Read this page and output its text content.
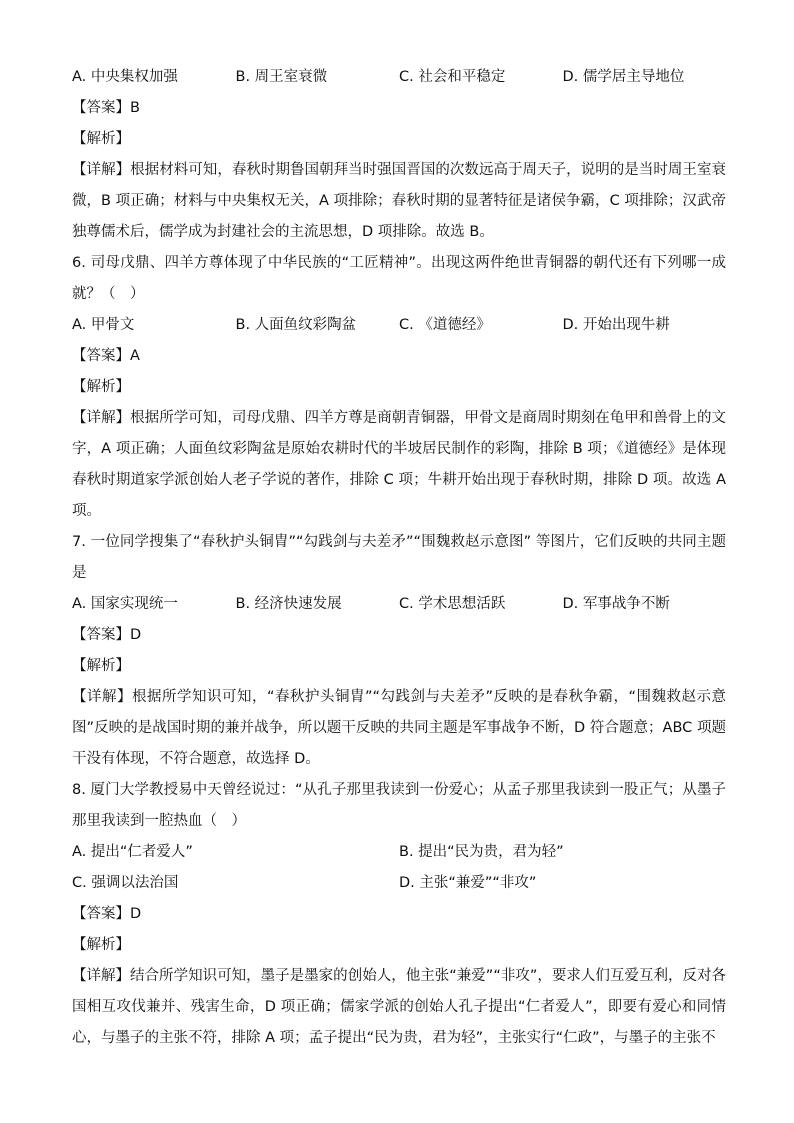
A. 中央集权加强	B. 周王室衰微	C. 社会和平稳定	D. 儒学居主导地位
【答案】B
【解析】
【详解】根据材料可知，春秋时期鲁国朝拜当时强国晋国的次数远高于周天子，说明的是当时周王室衰微，B 项正确；材料与中央集权无关，A 项排除；春秋时期的显著特征是诸侯争霸，C 项排除；汉武帝独尊儒术后，儒学成为封建社会的主流思想，D 项排除。故选 B。
6. 司母戊鼎、四羊方尊体现了中华民族的“工匠精神”。出现这两件绝世青铜器的朝代还有下列哪一成就？（　）
A. 甲骨文	B. 人面鱼纹彩陶盆	C. 《道德经》	D. 开始出现牛耕
【答案】A
【解析】
【详解】根据所学可知，司母戊鼎、四羊方尊是商朝青铜器，甲骨文是商周时期刻在龟甲和兽骨上的文字，A 项正确；人面鱼纹彩陶盆是原始农耕时代的半坡居民制作的彩陶，排除 B 项；《道德经》是体现春秋时期道家学派创始人老子学说的著作，排除 C 项；牛耕开始出现于春秋时期，排除 D 项。故选 A 项。
7. 一位同学搜集了“春秋护头铜胄”“勾践剑与夫差矛”“围魏救赵示意图” 等图片，它们反映的共同主题是
A. 国家实现统一	B. 经济快速发展	C. 学术思想活跃	D. 军事战争不断
【答案】D
【解析】
【详解】根据所学知识可知，“春秋护头铜胄”“勾践剑与夫差矛”反映的是春秋争霸，“围魏救赵示意图”反映的是战国时期的兼并战争，所以题干反映的共同主题是军事战争不断，D 符合题意；ABC 项题干没有体现，不符合题意，故选择 D。
8. 厦门大学教授易中天曾经说过：“从孔子那里我读到一份爱心；从孟子那里我读到一股正气；从墨子那里我读到一腔热血（　）
A. 提出“仁者爱人”	B. 提出“民为贵，君为轻”
C. 强调以法治国	D. 主张“兼爱”“非攻”
【答案】D
【解析】
【详解】结合所学知识可知，墨子是墨家的创始人，他主张“兼爱”“非攻”，要求人们互爱互利，反对各国相互攻伐兼并、残害生命，D 项正确；儒家学派的创始人孔子提出“仁者爱人”，即要有爱心和同情心，与墨子的主张不符，排除 A 项；孟子提出“民为贵，君为轻”，主张实行“仁政”，与墨子的主张不
